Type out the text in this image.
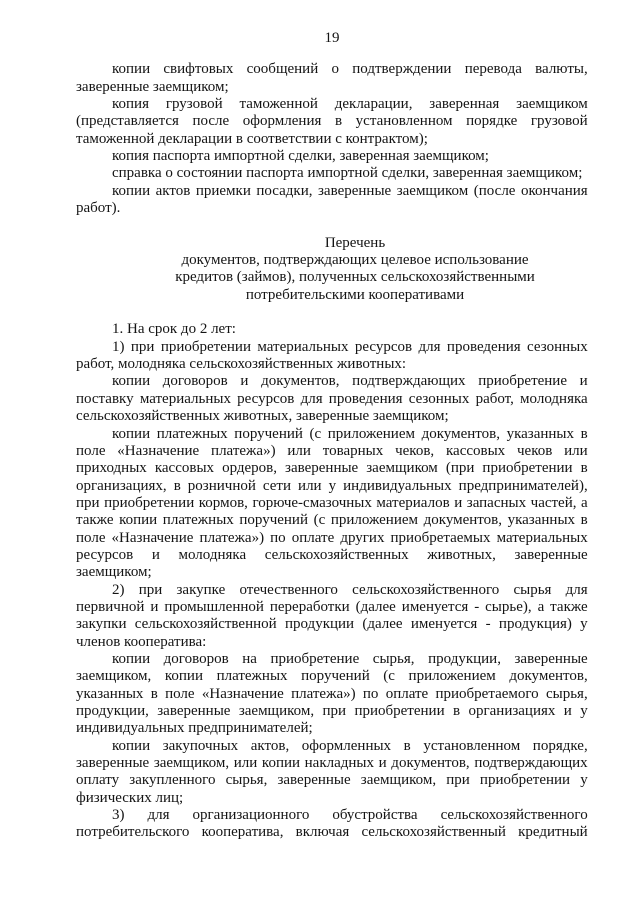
19
копии свифтовых сообщений о подтверждении перевода валюты,
заверенные заемщиком;
копия грузовой таможенной декларации, заверенная заемщиком
(представляется после оформления в установленном порядке грузовой
таможенной декларации в соответствии с контрактом);
копия паспорта импортной сделки, заверенная заемщиком;
справка о состоянии паспорта импортной сделки, заверенная заемщиком;
копии актов приемки посадки, заверенные заемщиком (после окончания
работ).
Перечень
документов, подтверждающих целевое использование
кредитов (займов), полученных сельскохозяйственными
потребительскими кооперативами
1. На срок до 2 лет:
1) при приобретении материальных ресурсов для проведения сезонных
работ, молодняка сельскохозяйственных животных:
копии договоров и документов, подтверждающих приобретение и
поставку материальных ресурсов для проведения сезонных работ, молодняка
сельскохозяйственных животных, заверенные заемщиком;
копии платежных поручений (с приложением документов, указанных в
поле «Назначение платежа») или товарных чеков, кассовых чеков или
приходных кассовых ордеров, заверенные заемщиком (при приобретении в
организациях, в розничной сети или у индивидуальных предпринимателей),
при приобретении кормов, горюче-смазочных материалов и запасных частей, а
также копии платежных поручений (с приложением документов, указанных в
поле «Назначение платежа») по оплате других приобретаемых материальных
ресурсов и молодняка сельскохозяйственных животных, заверенные
заемщиком;
2) при закупке отечественного сельскохозяйственного сырья для
первичной и промышленной переработки (далее именуется - сырье), а также
закупки сельскохозяйственной продукции (далее именуется - продукция) у
членов кооператива:
копии договоров на приобретение сырья, продукции, заверенные
заемщиком, копии платежных поручений (с приложением документов,
указанных в поле «Назначение платежа») по оплате приобретаемого сырья,
продукции, заверенные заемщиком, при приобретении в организациях и у
индивидуальных предпринимателей;
копии закупочных актов, оформленных в установленном порядке,
заверенные заемщиком, или копии накладных и документов, подтверждающих
оплату закупленного сырья, заверенные заемщиком, при приобретении у
физических лиц;
3) для организационного обустройства сельскохозяйственного
потребительского кооператива, включая сельскохозяйственный кредитный
